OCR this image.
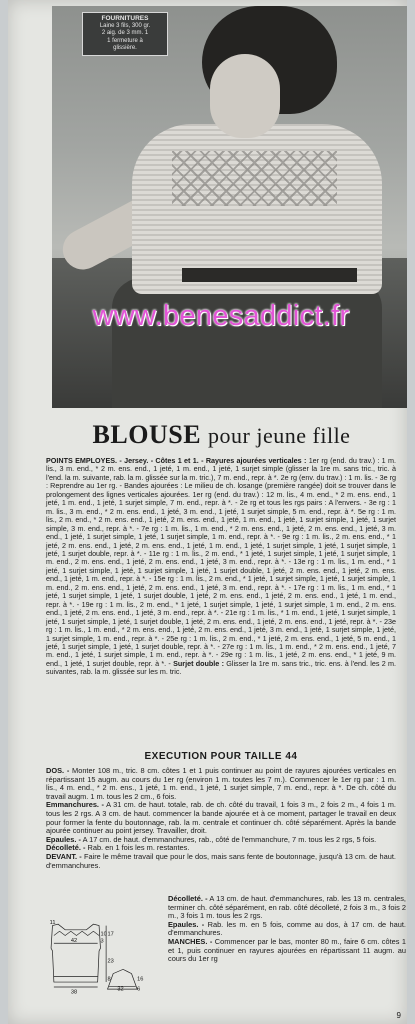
FOURNITURES
Laine 3 fils, 300 gr.
2 aig. de 3 mm. 1
1 fermeture à
glissière.
www.benesaddict.fr
BLOUSE pour jeune fille

POINTS EMPLOYES. - Jersey. - Côtes 1 et 1. - Rayures ajourées verticales : 1er rg (end. du trav.) : 1 m. lis., 3 m. end., * 2 m. ens. end., 1 jeté, 1 m. end., 1 jeté, 1 surjet simple (glisser la 1re m. sans tric., tric. à l'end. la m. suivante, rab. la m. glissée sur la m. tric.), 7 m. end., repr. à *. 2e rg (env. du trav.) : 1 m. lis. - 3e rg : Reprendre au 1er rg. - Bandes ajourées : Le milieu de ch. losange (première rangée) doit se trouver dans le prolongement des lignes verticales ajourées. 1er rg (end. du trav.) : 12 m. lis., 4 m. end., * 2 m. ens. end., 1 jeté, 1 m. end., 1 jeté, 1 surjet simple, 7 m. end., repr. à *. - 2e rg et tous les rgs pairs : A l'envers. - 3e rg : 1 m. lis., 3 m. end., * 2 m. ens. end., 1 jeté, 3 m. end., 1 jeté, 1 surjet simple, 5 m. end., repr. à *. 5e rg : 1 m. lis., 2 m. end., * 2 m. ens. end., 1 jeté, 2 m. ens. end., 1 jeté, 1 m. end., 1 jeté, 1 surjet simple, 1 jeté, 1 surjet simple, 3 m. end., repr. à *. - 7e rg : 1 m. lis., 1 m. end., * 2 m. ens. end., 1 jeté, 2 m. ens. end., 1 jeté, 3 m. end., 1 jeté, 1 surjet simple, 1 jeté, 1 surjet simple, 1 m. end., repr. à *. - 9e rg : 1 m. lis., 2 m. ens. end., * 1 jeté, 2 m. ens. end., 1 jeté, 2 m. ens. end., 1 jeté, 1 m. end., 1 jeté, 1 surjet simple, 1 jeté, 1 surjet simple, 1 jeté, 1 surjet double, repr. à *. - 11e rg : 1 m. lis., 2 m. end., * 1 jeté, 1 surjet simple, 1 jeté, 1 surjet simple, 1 m. end., 2 m. ens. end., 1 jeté, 2 m. ens. end., 1 jeté, 3 m. end., repr. à *. - 13e rg : 1 m. lis., 1 m. end., * 1 jeté, 1 surjet simple, 1 jeté, 1 surjet simple, 1 jeté, 1 surjet double, 1 jeté, 2 m. ens. end., 1 jeté, 2 m. ens. end., 1 jeté, 1 m. end., repr. à *. - 15e rg : 1 m. lis., 2 m. end., * 1 jeté, 1 surjet simple, 1 jeté, 1 surjet simple, 1 m. end., 2 m. ens. end., 1 jeté, 2 m. ens. end., 1 jeté, 3 m. end., repr. à *. - 17e rg : 1 m. lis., 1 m. end., * 1 jeté, 1 surjet simple, 1 jeté, 1 surjet double, 1 jeté, 2 m. ens. end., 1 jeté, 2 m. ens. end., 1 jeté, 1 m. end., repr. à *. - 19e rg : 1 m. lis., 2 m. end., * 1 jeté, 1 surjet simple, 1 jeté, 1 surjet simple, 1 m. end., 2 m. ens. end., 1 jeté, 2 m. ens. end., 1 jeté, 3 m. end., repr. à *. - 21e rg : 1 m. lis., * 1 m. end., 1 jeté, 1 surjet simple, 1 jeté, 1 surjet simple, 1 jeté, 1 surjet double, 1 jeté, 2 m. ens. end., 1 jeté, 2 m. ens. end., 1 jeté, repr. à *. - 23e rg : 1 m. lis., 1 m. end., * 2 m. ens. end., 1 jeté, 2 m. ens. end., 1 jeté, 3 m. end., 1 jeté, 1 surjet simple, 1 jeté, 1 surjet simple, 1 m. end., repr. à *. - 25e rg : 1 m. lis., 2 m. end., * 1 jeté, 2 m. ens. end., 1 jeté, 5 m. end., 1 jeté, 1 surjet simple, 1 jeté, 1 surjet double, repr. à *. - 27e rg : 1 m. lis., 1 m. end., * 2 m. ens. end., 1 jeté, 7 m. end., 1 jeté, 1 surjet simple, 1 m. end., repr. à *. - 29e rg : 1 m. lis., 1 jeté, 2 m. ens. end., * 1 jeté, 9 m. end., 1 jeté, 1 surjet double, repr. à *. - Surjet double : Glisser la 1re m. sans tric., tric. ens. à l'end. les 2 m. suivantes, rab. la m. glissée sur les m. tric.

EXECUTION POUR TAILLE 44

DOS. - Monter 108 m., tric. 8 cm. côtes 1 et 1 puis continuer au point de rayures ajourées verticales en répartissant 15 augm. au cours du 1er rg (environ 1 m. toutes les 7 m.). Commencer le 1er rg par : 1 m. lis., 4 m. end., * 2 m. ens., 1 jeté, 1 m. end., 1 jeté, 1 surjet simple, 7 m. end., repr. à *. De ch. côté du travail augm. 1 m. tous les 2 cm., 6 fois.

Emmanchures. - A 31 cm. de haut. totale, rab. de ch. côté du travail, 1 fois 3 m., 2 fois 2 m., 4 fois 1 m. tous les 2 rgs. A 3 cm. de haut. commencer la bande ajourée et à ce moment, partager le travail en deux pour former la fente du boutonnage, rab. la m. centrale et continuer ch. côté séparément. Après la bande ajourée continuer au point jersey. Travailler, droit.

Epaules. - A 17 cm. de haut. d'emmanchures, rab., côté de l'emmanchure, 7 m. tous les 2 rgs, 5 fois.

Décolleté. - Rab. en 1 fois les m. restantes.

DEVANT. - Faire le même travail que pour le dos, mais sans fente de boutonnage, jusqu'à 13 cm. de haut. d'emmanchures.

Décolleté. - A 13 cm. de haut. d'emmanchures, rab. les 13 m. centrales, terminer ch. côté séparément, en rab. côté décolleté, 2 fois 3 m., 3 fois 2 m., 3 fois 1 m. tous les 2 rgs.

Epaules. - Rab. les m. en 5 fois, comme au dos, à 17 cm. de haut. d'emmanchures.

MANCHES. - Commencer par le bas, monter 80 m., faire 6 cm. côtes 1 et 1, puis continuer en rayures ajourées en répartissant 11 augm. au cours du 1er rg

11
42
38
17
10
3
23
8
32
16
6
9
